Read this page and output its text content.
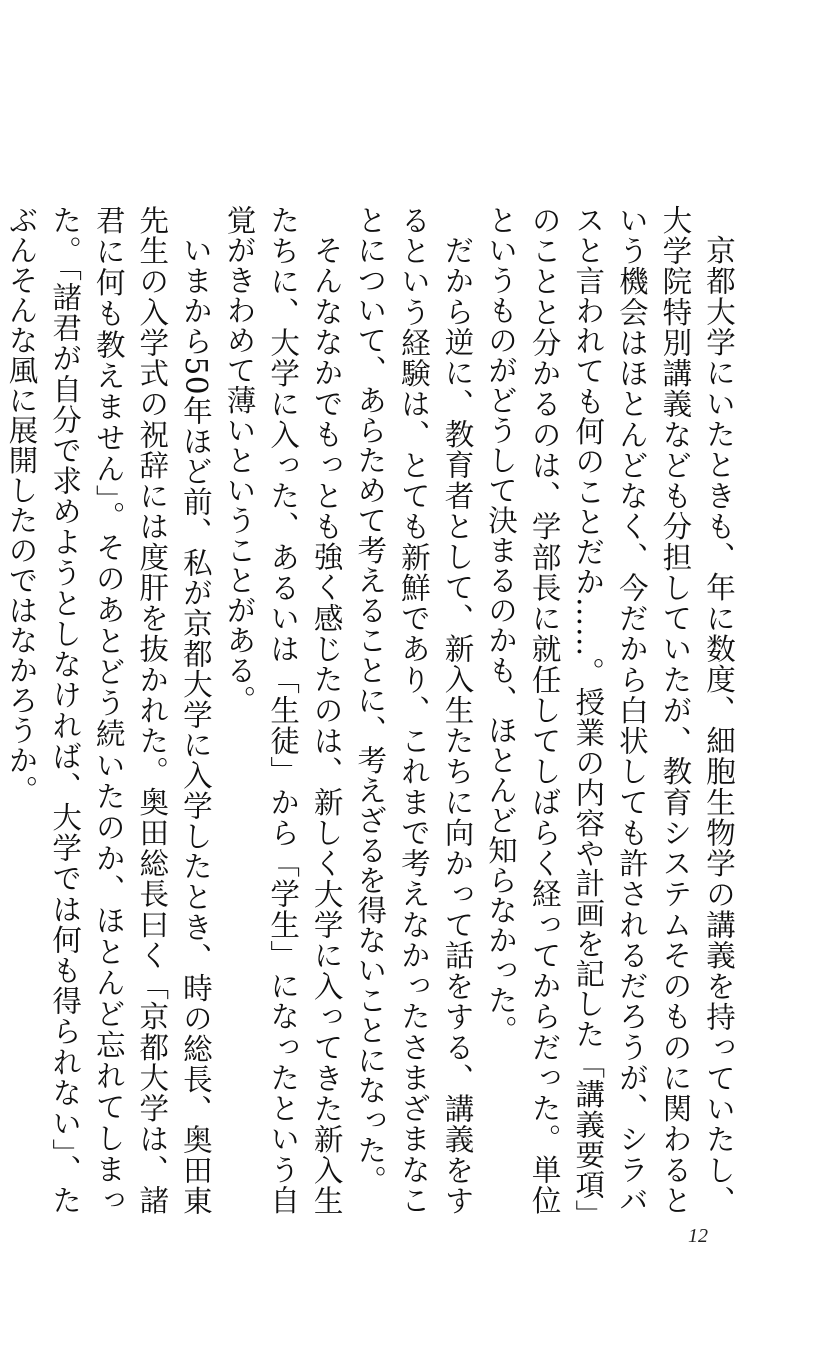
京都大学にいたときも、年に数度、細胞生物学の講義を持っていたし、大学院特別講義なども分担していたが、教育システムそのものに関わるという機会はほとんどなく、今だから白状しても許されるだろうが、シラバスと言われても何のことだか……。授業の内容や計画を記した「講義要項」のことと分かるのは、学部長に就任してしばらく経ってからだった。単位というものがどうして決まるのかも、ほとんど知らなかった。

だから逆に、教育者として、新入生たちに向かって話をする、講義をするという経験は、とても新鮮であり、これまで考えなかったさまざまなことについて、あらためて考えることに、考えざるを得ないことになった。

そんななかでもっとも強く感じたのは、新しく大学に入ってきた新入生たちに、大学に入った、あるいは「生徒」から「学生」になったという自覚がきわめて薄いということがある。

いまから50年ほど前、私が京都大学に入学したとき、時の総長、奥田東先生の入学式の祝辞には度肝を抜かれた。奥田総長曰く「京都大学は、諸君に何も教えません」。そのあとどう続いたのか、ほとんど忘れてしまった。「諸君が自分で求めようとしなければ、大学では何も得られない」、たぶんそんな風に展開したのではなかろうか。

12
